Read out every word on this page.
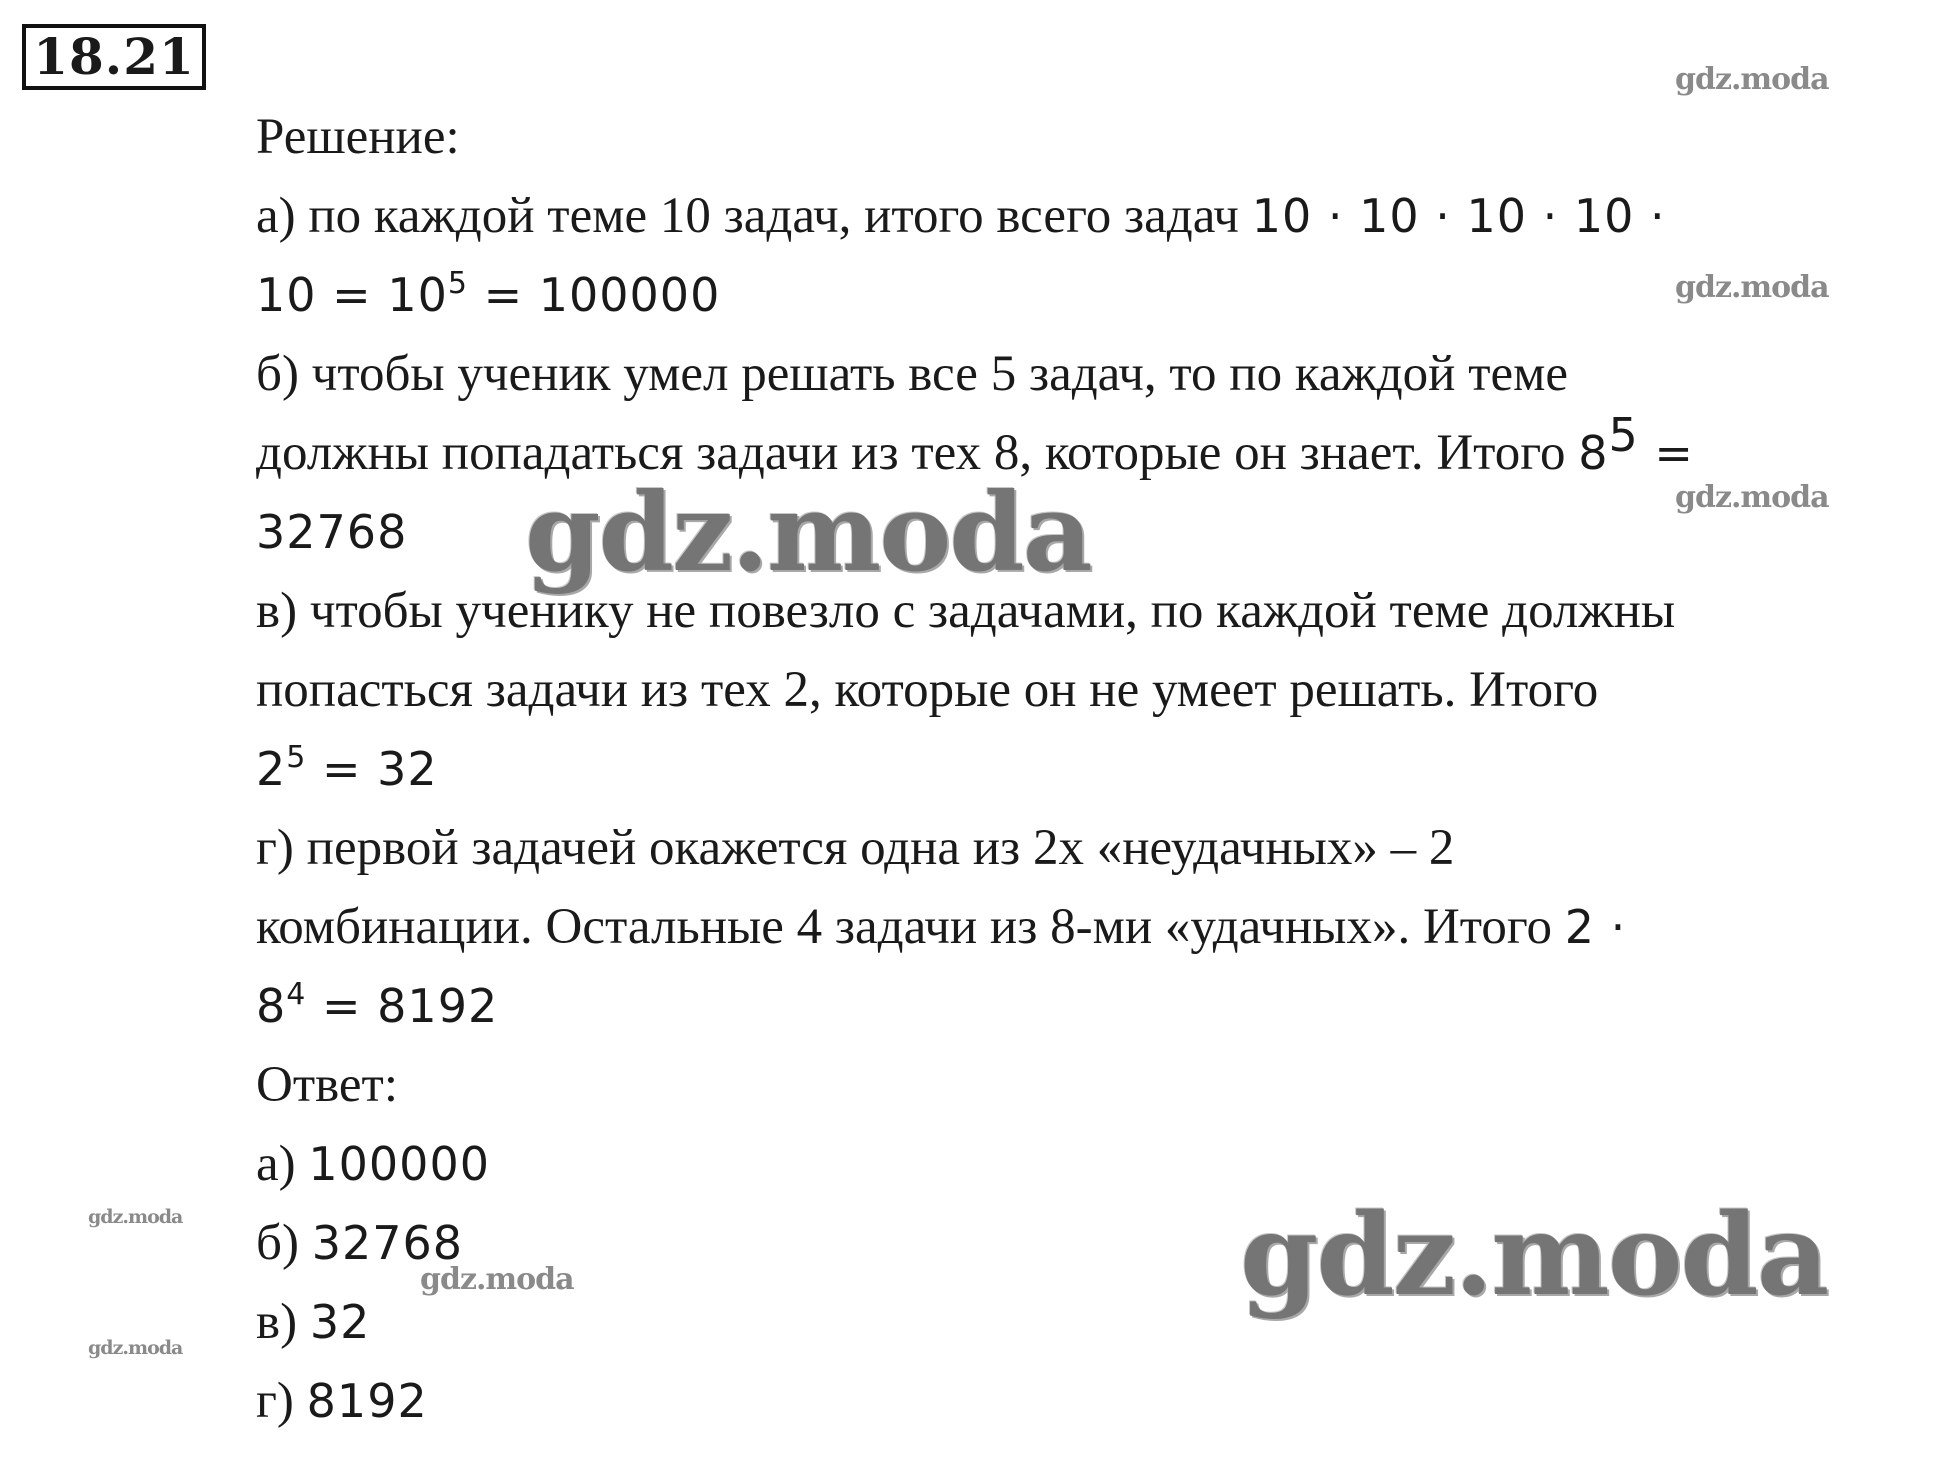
18.21
Решение:
а) по каждой теме 10 задач, итого всего задач 10 · 10 · 10 · 10 ·
$10 = 10^5 = 100000$
б) чтобы ученик умел решать все 5 задач, то по каждой теме
должны попадаться задачи из тех 8, которые он знает. Итого $8^5$ =
32768
в) чтобы ученику не повезло с задачами, по каждой теме должны
попасться задачи из тех 2, которые он не умеет решать. Итого
$2^5 = 32$
г) первой задачей окажется одна из 2х «неудачных» – 2
комбинации. Остальные 4 задачи из 8-ми «удачных». Итого 2 ·
$8^4 = 8192$
Ответ:
а) 100000
б) 32768
в) 32
г) 8192
gdz.moda
gdz.moda
gdz.moda
gdz.moda
gdz.moda
gdz.moda
gdz.moda
gdz.moda
